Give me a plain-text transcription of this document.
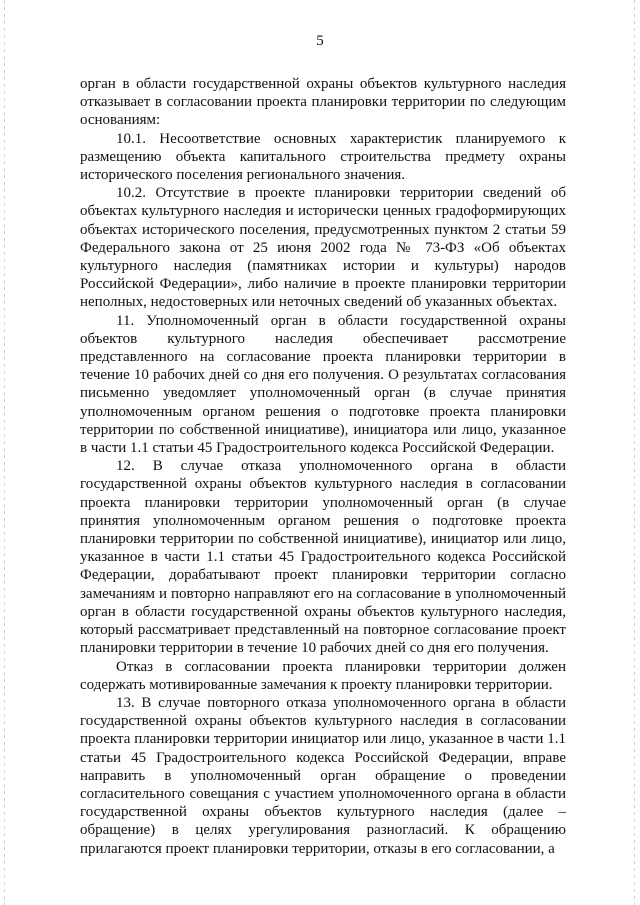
5

орган в области государственной охраны объектов культурного наследия отказывает в согласовании проекта планировки территории по следующим основаниям:

10.1. Несоответствие основных характеристик планируемого к размещению объекта капитального строительства предмету охраны исторического поселения регионального значения.

10.2. Отсутствие в проекте планировки территории сведений об объектах культурного наследия и исторически ценных градоформирующих объектах исторического поселения, предусмотренных пунктом 2 статьи 59 Федерального закона от 25 июня 2002 года № 73-ФЗ «Об объектах культурного наследия (памятниках истории и культуры) народов Российской Федерации», либо наличие в проекте планировки территории неполных, недостоверных или неточных сведений об указанных объектах.

11. Уполномоченный орган в области государственной охраны объектов культурного наследия обеспечивает рассмотрение представленного на согласование проекта планировки территории в течение 10 рабочих дней со дня его получения. О результатах согласования письменно уведомляет уполномоченный орган (в случае принятия уполномоченным органом решения о подготовке проекта планировки территории по собственной инициативе), инициатора или лицо, указанное в части 1.1 статьи 45 Градостроительного кодекса Российской Федерации.

12. В случае отказа уполномоченного органа в области государственной охраны объектов культурного наследия в согласовании проекта планировки территории уполномоченный орган (в случае принятия уполномоченным органом решения о подготовке проекта планировки территории по собственной инициативе), инициатор или лицо, указанное в части 1.1 статьи 45 Градостроительного кодекса Российской Федерации, дорабатывают проект планировки территории согласно замечаниям и повторно направляют его на согласование в уполномоченный орган в области государственной охраны объектов культурного наследия, который рассматривает представленный на повторное согласование проект планировки территории в течение 10 рабочих дней со дня его получения.

Отказ в согласовании проекта планировки территории должен содержать мотивированные замечания к проекту планировки территории.

13. В случае повторного отказа уполномоченного органа в области государственной охраны объектов культурного наследия в согласовании проекта планировки территории инициатор или лицо, указанное в части 1.1 статьи 45 Градостроительного кодекса Российской Федерации, вправе направить в уполномоченный орган обращение о проведении согласительного совещания с участием уполномоченного органа в области государственной охраны объектов культурного наследия (далее – обращение) в целях урегулирования разногласий. К обращению прилагаются проект планировки территории, отказы в его согласовании, а
